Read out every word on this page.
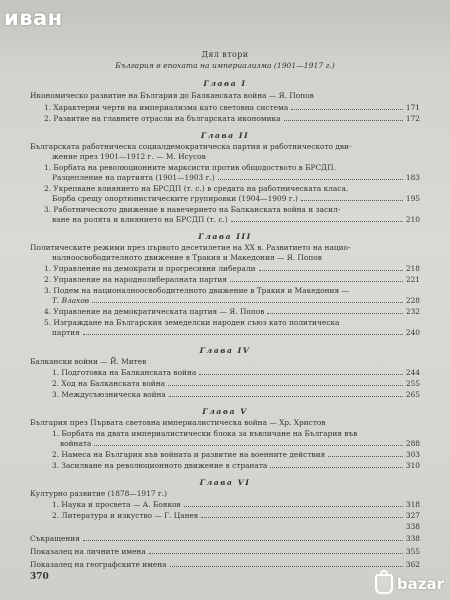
Дял втори
България в епохата на империализма (1901—1917 г.)
Глава I
Икономическо развитие на България до Балканската война — Я. Попов
1. Характерни черти на империализма като световна система	171
2. Развитие на главните отрасли на българската икономика	172
Глава II
Българската работническа социалдемократическа партия и работническото дви-
жение през 1901—1912 г. — М. Исусов
1. Борбата на революционните марксисти против общодоството в БРСДП.
Разцепление на партията (1901—1903 г.)	183
2. Укрепване влиянието на БРСДП (т. с.) в средата на работническата класа.
Борба срещу опортюнистическите групировки (1904—1909 г.)	195
3. Работническото движение в навечерието на Балканската война и засил-
ване на ролята и влиянието на БРСДП (т. с.)	210
Глава III
Политическите режими през първото десетилетие на XX в. Развитието на нацио-
налноосвободителното движение в Тракия и Македония — Я. Попов
1. Управление на демократи и прогресивни либерали	218
2. Управление на народнолибералната партия	221
3. Подем на националноосвободителното движение в Тракия и Македония —
Т. Влахов	228
4. Управление на демократическата партия — Я. Попов	232
5. Изграждане на Българския земеделски народен съюз като политическа
партия	240
Глава IV
Балкански войни — Й. Митев
1. Подготовка на Балканската война	244
2. Ход на Балканската война	255
3. Междусъюзническа война	265
Глава V
България през Първата световна империалистическа война — Хр. Христов
1. Борбата на двата империалистически блока за въвличане на България във
войната	288
2. Намеса на България във войната и развитие на военните действия	303
3. Засилване на революционното движение в страната	310
Глава VI
Културно развитие (1878—1917 г.)
1. Наука и просвета — А. Бояков	318
2. Литература и изкуство — Г. Цанев	327
338
Съкращения	338
Показалец на личните имена	355
Показалец на географските имена	362
370
иван
bazar
